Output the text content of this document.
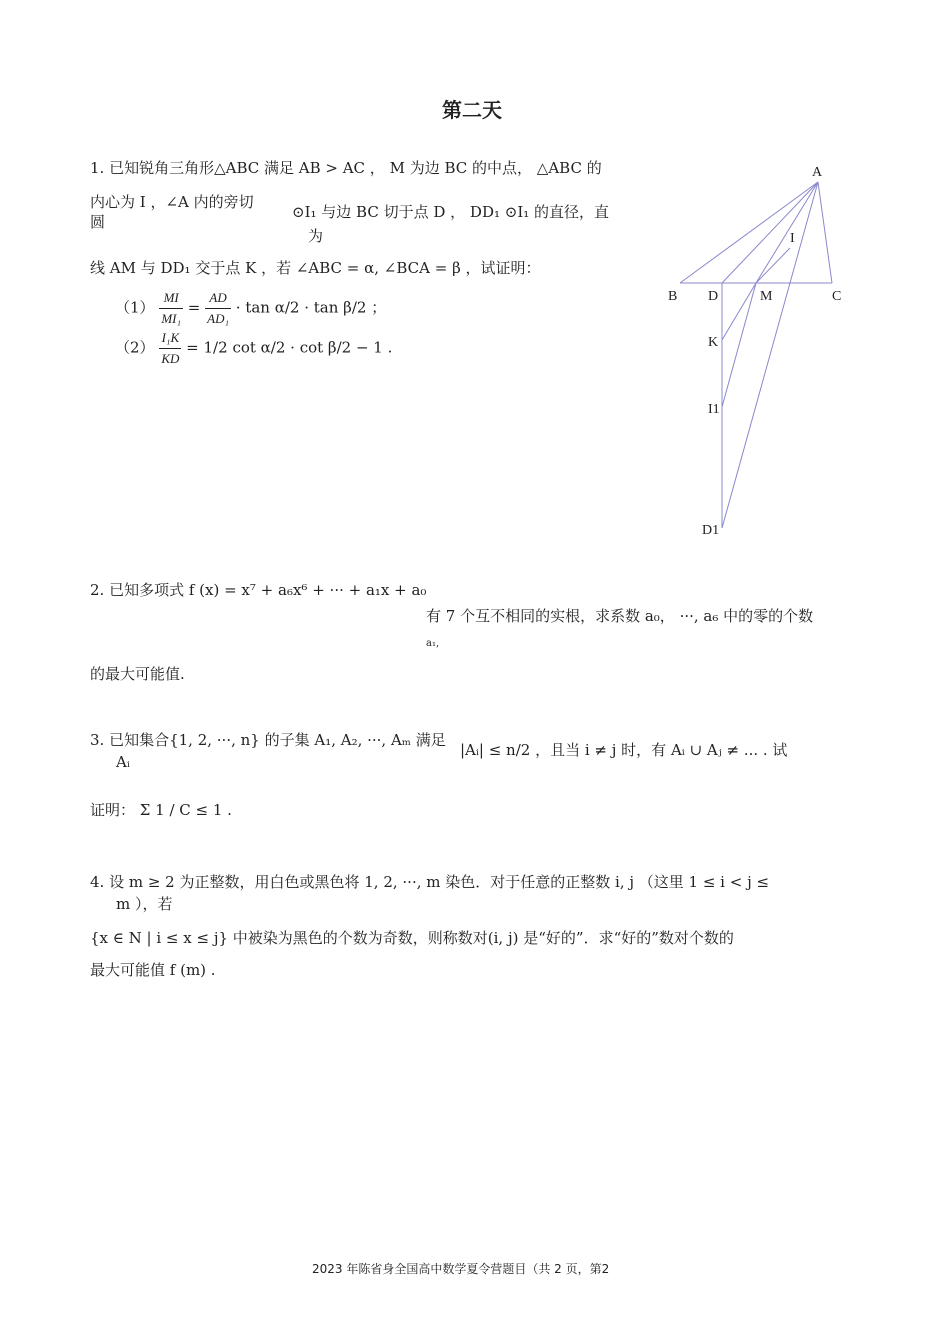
第二天
1. 已知锐角三角形△ABC 满足 AB > AC ， M 为边 BC 的中点， △ABC 的
内心为 I ，∠A 内的旁切
圆
⊙I₁ 与边 BC 切于点 D ， DD₁ ⊙I₁ 的直径，直
为
线 AM 与 DD₁ 交于点 K ，若 ∠ABC = α, ∠BCA = β ，试证明：
$(1) \frac{MI}{\text{MI₁}} = \frac{AD}{\text{AD₁}} \cdot \tan \alpha/2 \cdot \tan \beta/2$ ；
$(2) \frac{\text{I₁K}}{KD} = 1/2$ cot α/2 · cot β/2 − 1 .
A
B D	M	C
I
K
I1
D1
2. 已知多项式 f (x) = x⁷ + a₆x⁶ + ··· + a₁x + a₀
有 7 个互不相同的实根，求系数 a₀， ···, a₆ 中的零的个数
a₁,
的最大可能值.
3. 已知集合{1, 2, ···, n} 的子集 A₁, A₂, ···, Aₘ 满足
Aᵢ
|Aᵢ| ≤ n/2 ，且当 i ≠ j 时，有 Aᵢ ∪ Aⱼ ≠ ... . 试
证明： Σ 1 / C ≤ 1 .
4. 设 m ≥ 2 为正整数，用白色或黑色将 1, 2, ···, m 染色．对于任意的正整数 i, j （这里 1 ≤ i < j ≤
m ），若
{x ∈ N | i ≤ x ≤ j} 中被染为黑色的个数为奇数，则称数对(i, j) 是“好的”．求“好的”数对个数的
最大可能值 f (m) .
2023 年陈省身全国高中数学夏令营题目（共 2 页，第2
